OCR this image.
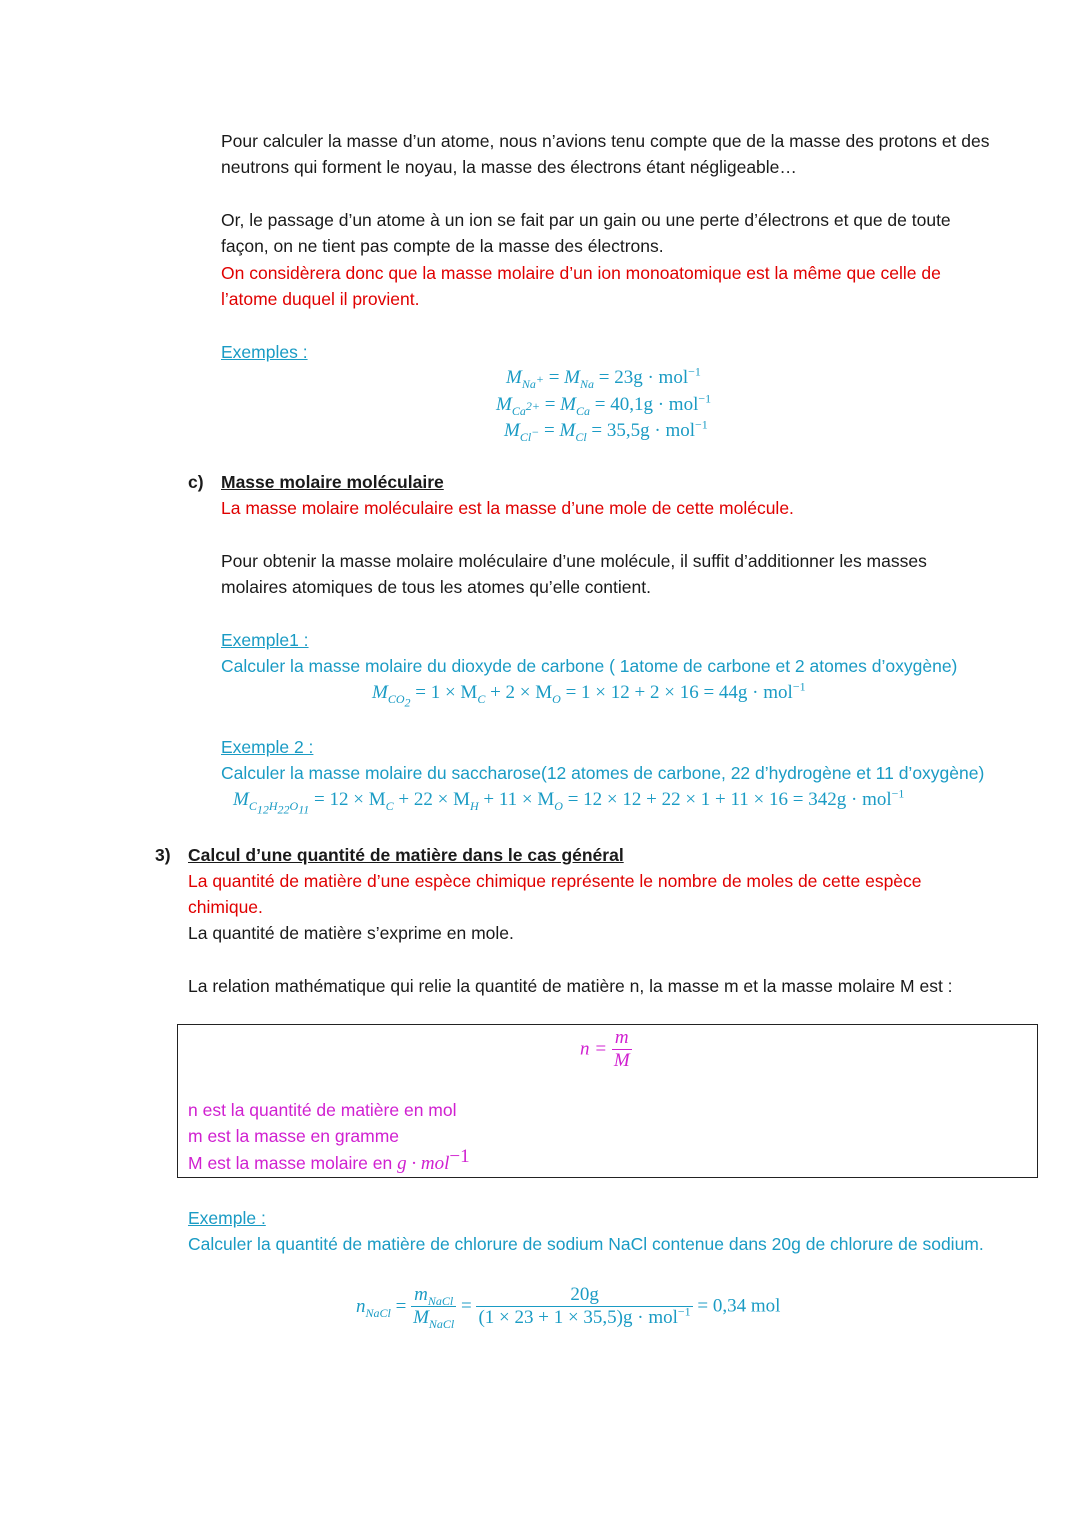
Pour calculer la masse d’un atome, nous n’avions tenu compte que de la masse des protons et des
neutrons qui forment le noyau, la masse des électrons étant négligeable…
Or, le passage d’un atome à un ion se fait par un gain ou une perte d’électrons et que de toute
façon, on ne tient pas compte de la masse des électrons.
On considèrera donc que la masse molaire d’un ion monoatomique est la même que celle de
l’atome duquel il provient.
Exemples :
$M_{Na^+} = M_{Na} = 23g \cdot mol^{-1}$
$M_{Ca^{2+}} = M_{Ca} = 40,1g \cdot mol^{-1}$
$M_{Cl^-} = M_{Cl} = 35,5g \cdot mol^{-1}$
c) Masse molaire moléculaire
La masse molaire moléculaire est la masse d’une mole de cette molécule.
Pour obtenir la masse molaire moléculaire d’une molécule, il suffit d’additionner les masses
molaires atomiques de tous les atomes qu’elle contient.
Exemple1 :
Calculer la masse molaire du dioxyde de carbone ( 1atome de carbone et 2 atomes d’oxygène)
$M_{CO_2} = 1 \times M_C + 2 \times M_O = 1 \times 12 + 2 \times 16 = 44g \cdot mol^{-1}$
Exemple 2 :
Calculer la masse molaire du saccharose(12 atomes de carbone, 22 d’hydrogène et 11 d’oxygène)
$M_{C_{12}H_{22}O_{11}} = 12 \times M_C + 22 \times M_H + 11 \times M_O = 12 \times 12 + 22 \times 1 + 11 \times 16 = 342g \cdot mol^{-1}$
3) Calcul d’une quantité de matière dans le cas général
La quantité de matière d’une espèce chimique représente le nombre de moles de cette espèce
chimique.
La quantité de matière s’exprime en mole.
La relation mathématique qui relie la quantité de matière n, la masse m et la masse molaire M est :
$n = \frac{m}{M}$
n est la quantité de matière en mol
m est la masse en gramme
M est la masse molaire en g · mol$^{-1}$
Exemple :
Calculer la quantité de matière de chlorure de sodium NaCl contenue dans 20g de chlorure de sodium.
$n_{NaCl} = \frac{m_{NaCl}}{M_{NaCl}} = \frac{20g}{(1 \times 23 + 1 \times 35,5)g \cdot mol^{-1}} = 0,34$ mol
